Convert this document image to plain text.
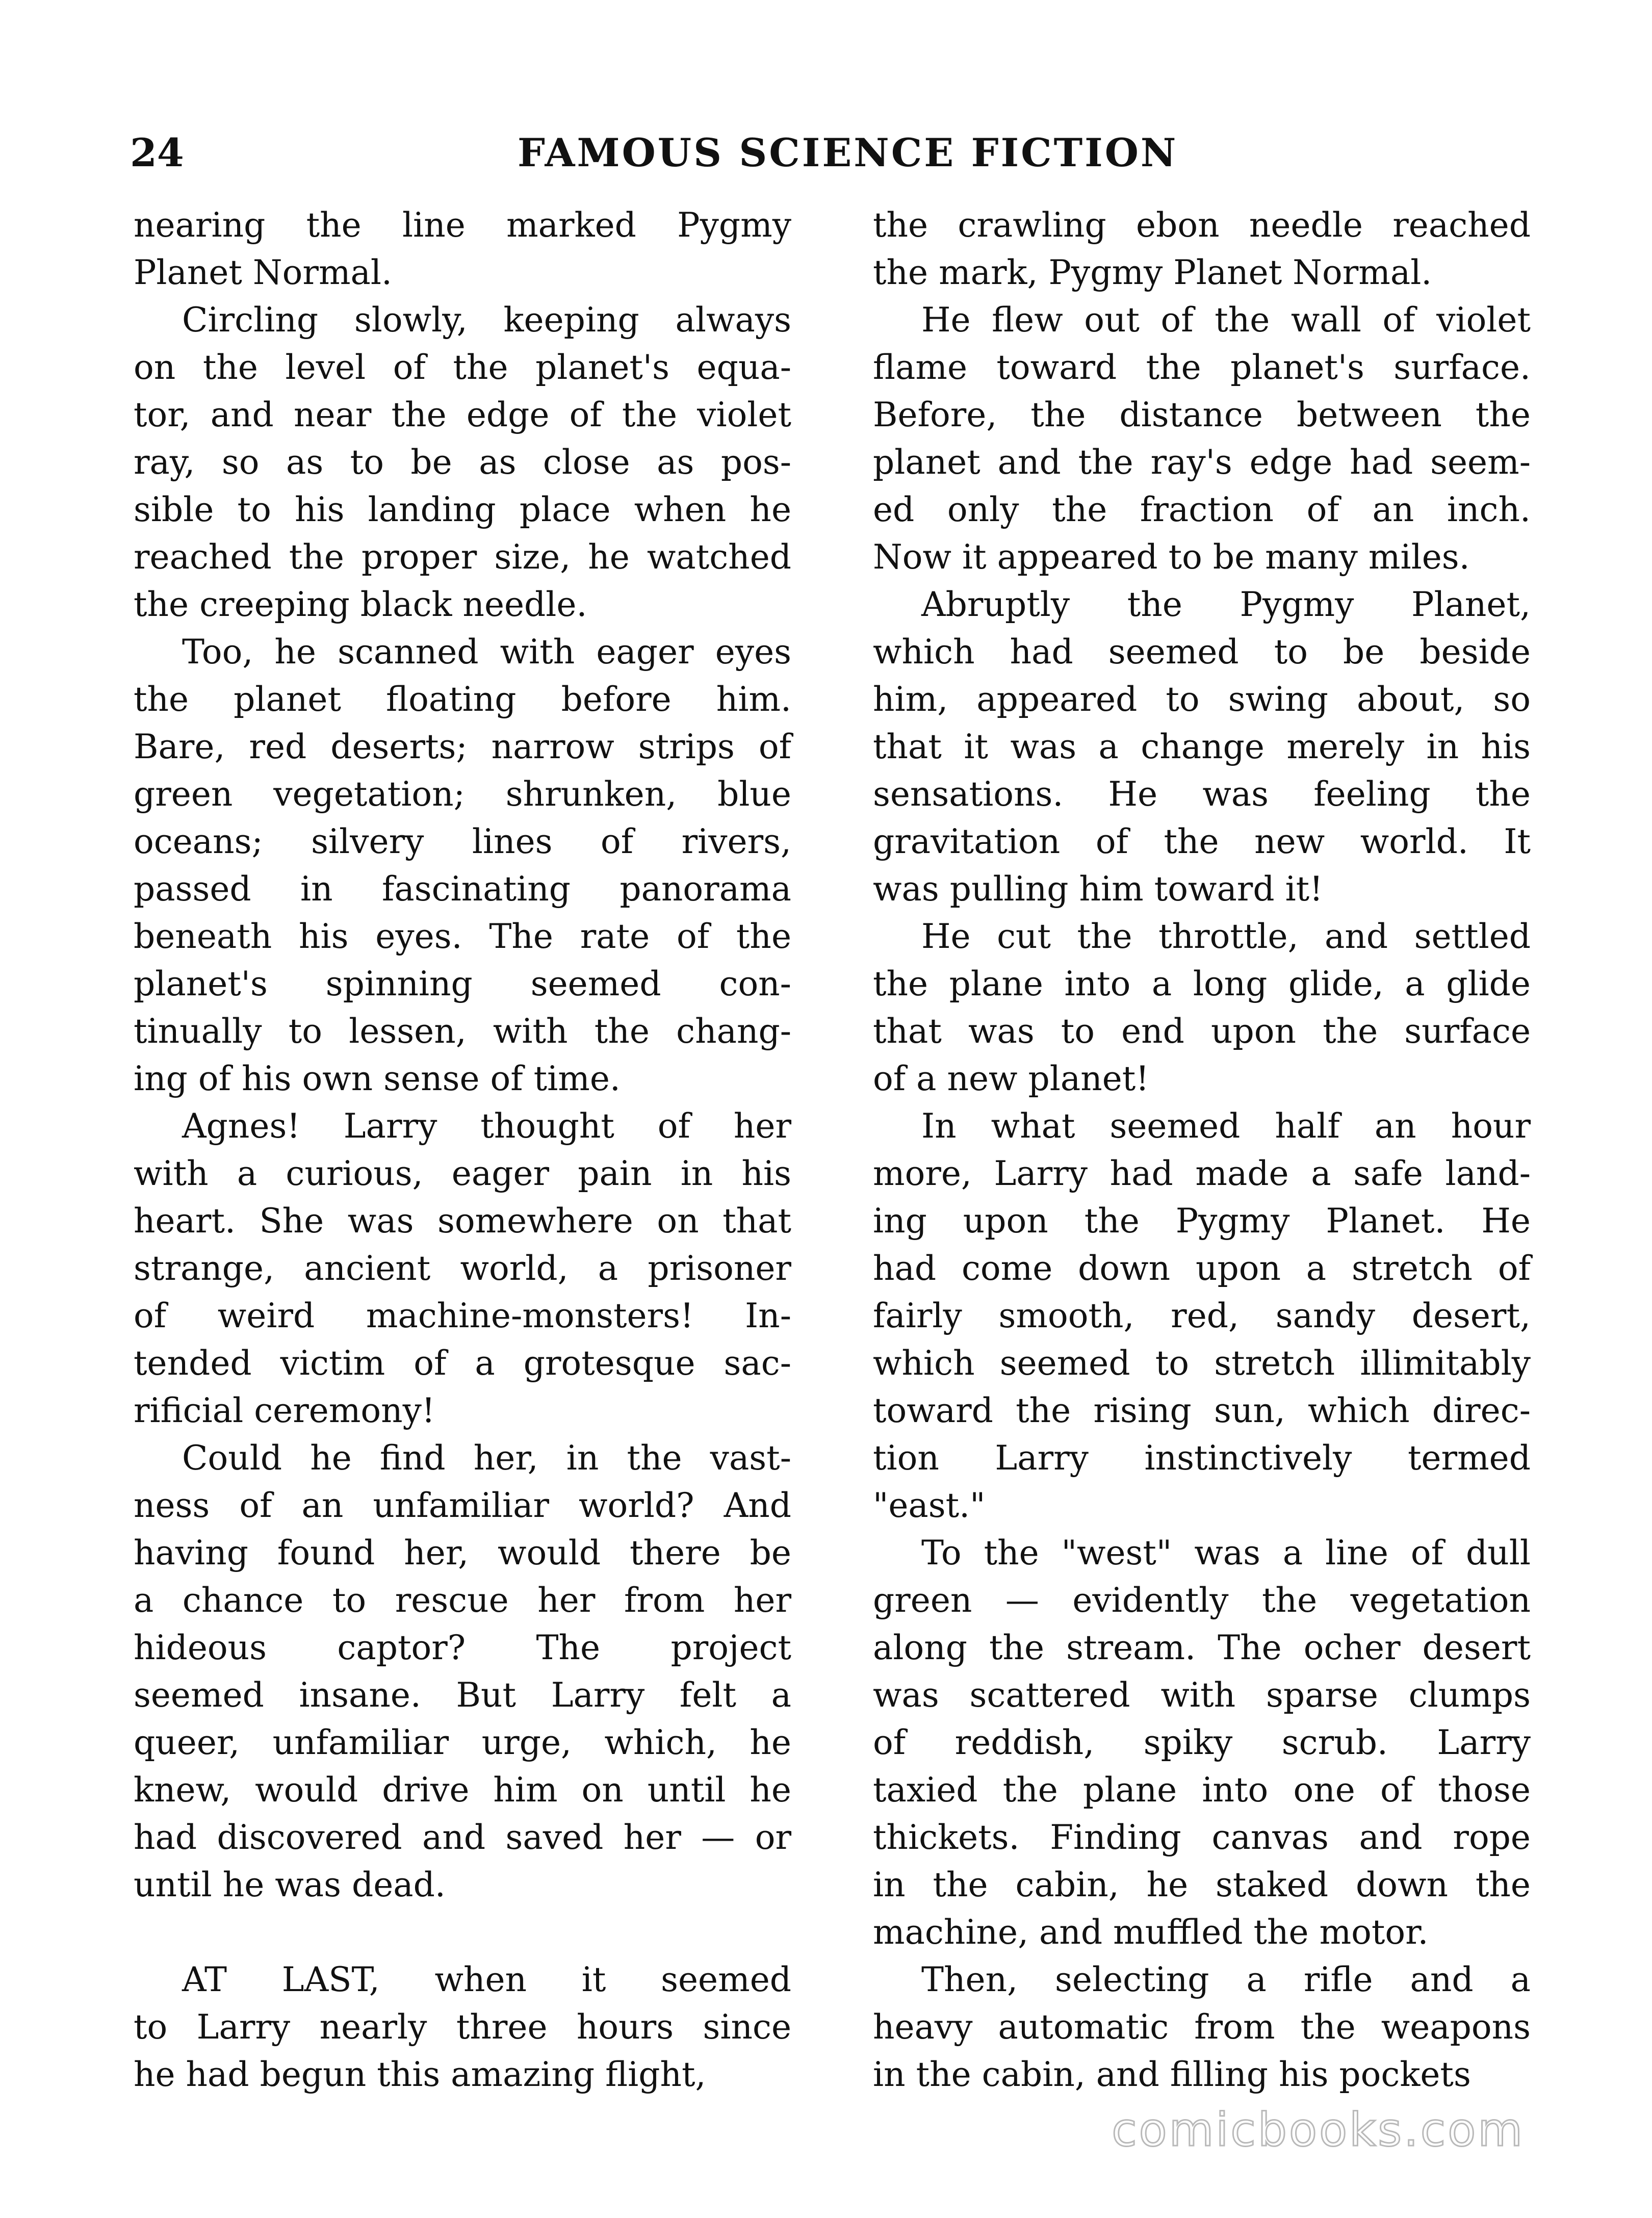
24	FAMOUS SCIENCE FICTION
nearing the line marked Pygmy
Planet Normal.
Circling slowly, keeping always
on the level of the planet's equa-
tor, and near the edge of the violet
ray, so as to be as close as pos-
sible to his landing place when he
reached the proper size, he watched
the creeping black needle.
Too, he scanned with eager eyes
the planet floating before him.
Bare, red deserts; narrow strips of
green vegetation; shrunken, blue
oceans; silvery lines of rivers,
passed in fascinating panorama
beneath his eyes. The rate of the
planet's spinning seemed con-
tinually to lessen, with the chang-
ing of his own sense of time.
Agnes! Larry thought of her
with a curious, eager pain in his
heart. She was somewhere on that
strange, ancient world, a prisoner
of weird machine-monsters! In-
tended victim of a grotesque sac-
rificial ceremony!
Could he find her, in the vast-
ness of an unfamiliar world? And
having found her, would there be
a chance to rescue her from her
hideous captor? The project
seemed insane. But Larry felt a
queer, unfamiliar urge, which, he
knew, would drive him on until he
had discovered and saved her — or
until he was dead.
AT LAST, when it seemed
to Larry nearly three hours since
he had begun this amazing flight,
the crawling ebon needle reached
the mark, Pygmy Planet Normal.
He flew out of the wall of violet
flame toward the planet's surface.
Before, the distance between the
planet and the ray's edge had seem-
ed only the fraction of an inch.
Now it appeared to be many miles.
Abruptly the Pygmy Planet,
which had seemed to be beside
him, appeared to swing about, so
that it was a change merely in his
sensations. He was feeling the
gravitation of the new world. It
was pulling him toward it!
He cut the throttle, and settled
the plane into a long glide, a glide
that was to end upon the surface
of a new planet!
In what seemed half an hour
more, Larry had made a safe land-
ing upon the Pygmy Planet. He
had come down upon a stretch of
fairly smooth, red, sandy desert,
which seemed to stretch illimitably
toward the rising sun, which direc-
tion Larry instinctively termed
"east."
To the "west" was a line of dull
green — evidently the vegetation
along the stream. The ocher desert
was scattered with sparse clumps
of reddish, spiky scrub. Larry
taxied the plane into one of those
thickets. Finding canvas and rope
in the cabin, he staked down the
machine, and muffled the motor.
Then, selecting a rifle and a
heavy automatic from the weapons
in the cabin, and filling his pockets
comicbooks.com
